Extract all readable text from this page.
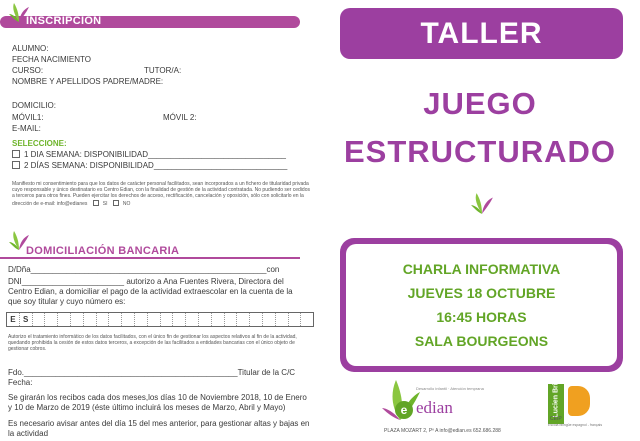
INSCRIPCIÓN
ALUMNO:
FECHA NACIMIENTO
CURSO:	TUTOR/A:
NOMBRE Y APELLIDOS PADRE/MADRE:
DOMICILIO:
MÓVIL1:	MÓVIL 2:
E-MAIL:
SELECCIONE:
1 DIA SEMANA: DISPONIBILIDAD_______________________________
2 DÍAS SEMANA: DISPONIBILIDAD______________________________
Manifiesto mi consentimiento para que los datos de carácter personal facilitados, sean incorporados a un fichero de titularidad privada cuyo responsable y único destinatario es Centro Edian, con la finalidad de gestión de la actividad contratada. No pudiendo ser cedidos a terceros para otros fines. Pueden ejercitar los derechos de acceso, rectificación, cancelación y oposición, sólo con solicitarlo en la dirección de e-mail: info@edianes	SI	NO
DOMICILIACIÓN BANCARIA
D/Dña_____________________________________________________con
DNI_______________________ autorizo a Ana Fuentes Rivera, Directora del
Centro Edian, a domiciliar el pago de la actividad extraescolar en la cuenta de la
que soy titular y cuyo número es:
E S
Autorizo el tratamiento informático de los datos facilitados, con el único fin de gestionar los aspectos relativos al fin de la actividad, quedando prohibida la cesión de estos datos terceros, a excepción de las facilitados a entidades bancarias con el único objeto de gestionar cobros.
Fdo.________________________________________________Titular de la C/C
Fecha:
Se girarán los recibos cada dos meses,los días 10 de Noviembre 2018, 10 de Enero y 10 de Marzo de 2019 (éste último incluirá los meses de Marzo, Abril y Mayo)
Es necesario avisar antes del día 15 del mes anterior, para gestionar altas y bajas en la actividad
TALLER
JUEGO
ESTRUCTURADO
CHARLA INFORMATIVA
JUEVES 18 OCTUBRE
16:45 HORAS
SALA BOURGEONS
e edian
Desarrollo infantil · Atención temprana	Lucien Briet
CEIP
Escola bilingüe espagnol - français
PLAZA MOZART 2, Pº A info@edian.es 652.686.288
